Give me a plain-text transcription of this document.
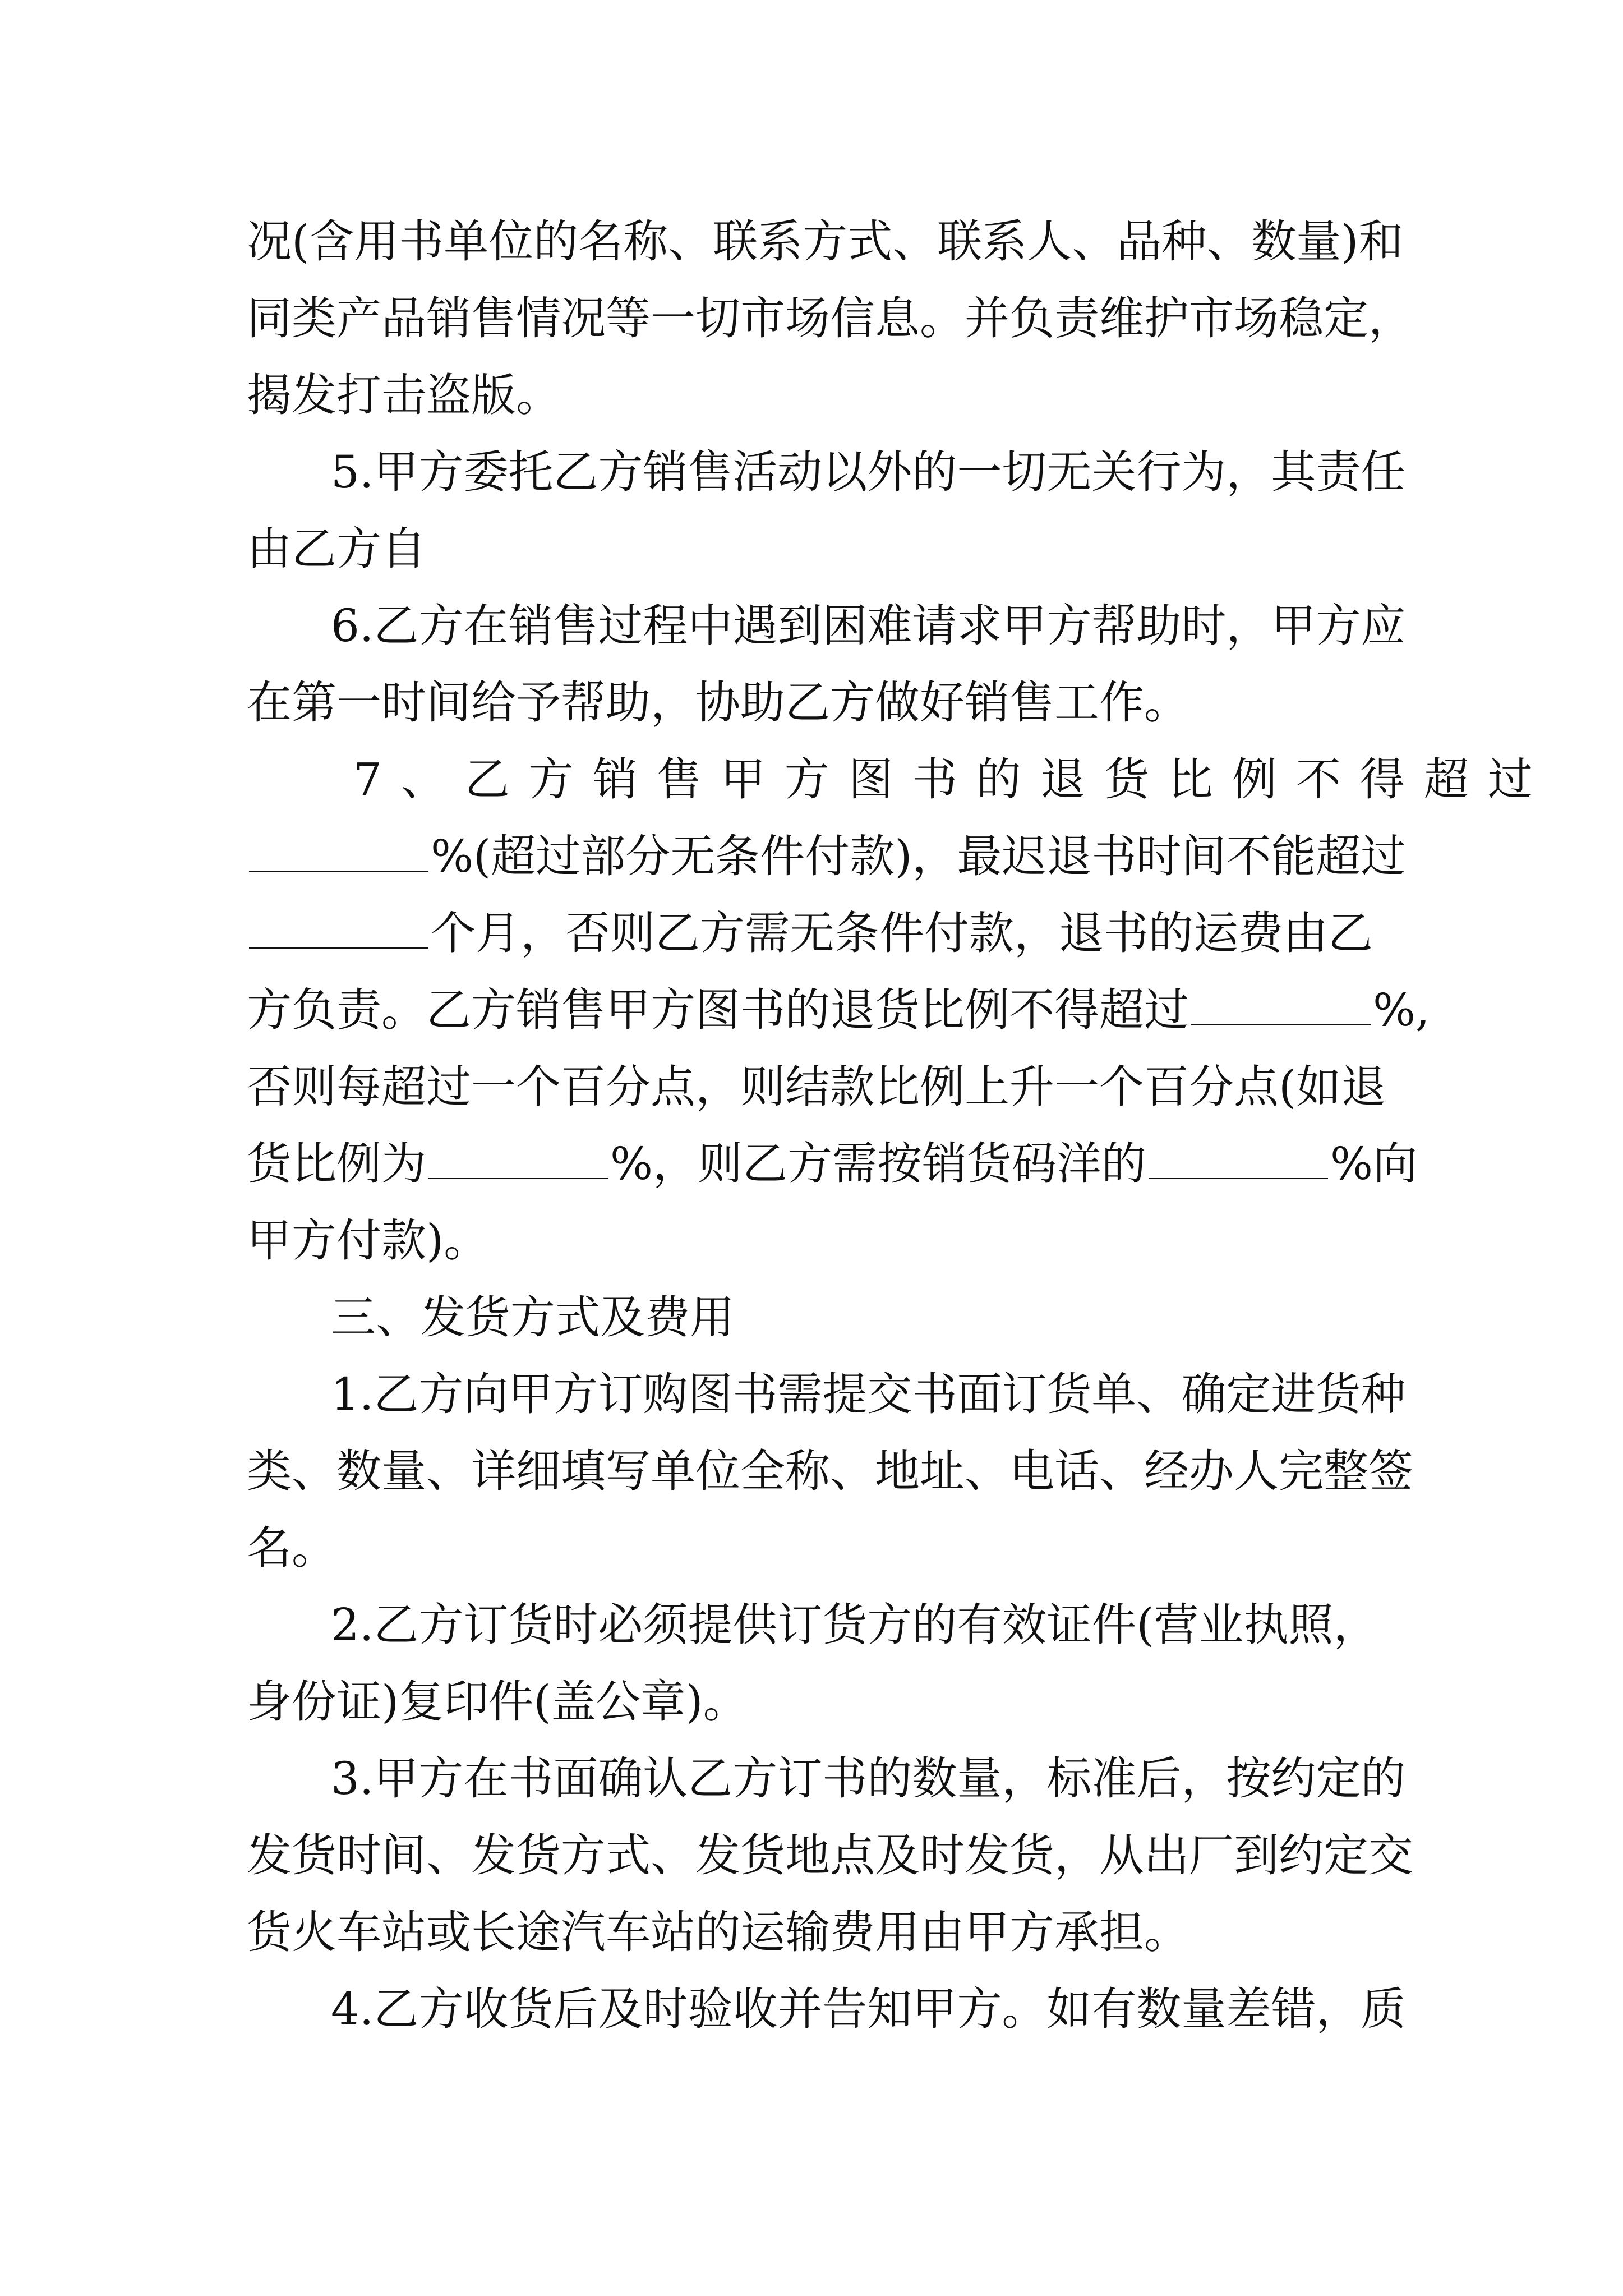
况(含用书单位的名称、联系方式、联系人、品种、数量)和
同类产品销售情况等一切市场信息。并负责维护市场稳定，
揭发打击盗版。
5.甲方委托乙方销售活动以外的一切无关行为，其责任
由乙方自
6.乙方在销售过程中遇到困难请求甲方帮助时，甲方应
在第一时间给予帮助，协助乙方做好销售工作。
7、乙方销售甲方图书的退货比例不得超过
%(超过部分无条件付款)，最迟退书时间不能超过
个月，否则乙方需无条件付款，退书的运费由乙
方负责。乙方销售甲方图书的退货比例不得超过	%,
否则每超过一个百分点，则结款比例上升一个百分点(如退
货比例为	%，则乙方需按销货码洋的	%向
甲方付款)。
三、发货方式及费用
1.乙方向甲方订购图书需提交书面订货单、确定进货种
类、数量、详细填写单位全称、地址、电话、经办人完整签
名。
2.乙方订货时必须提供订货方的有效证件(营业执照，
身份证)复印件(盖公章)。
3.甲方在书面确认乙方订书的数量，标准后，按约定的
发货时间、发货方式、发货地点及时发货，从出厂到约定交
货火车站或长途汽车站的运输费用由甲方承担。
4.乙方收货后及时验收并告知甲方。如有数量差错，质
